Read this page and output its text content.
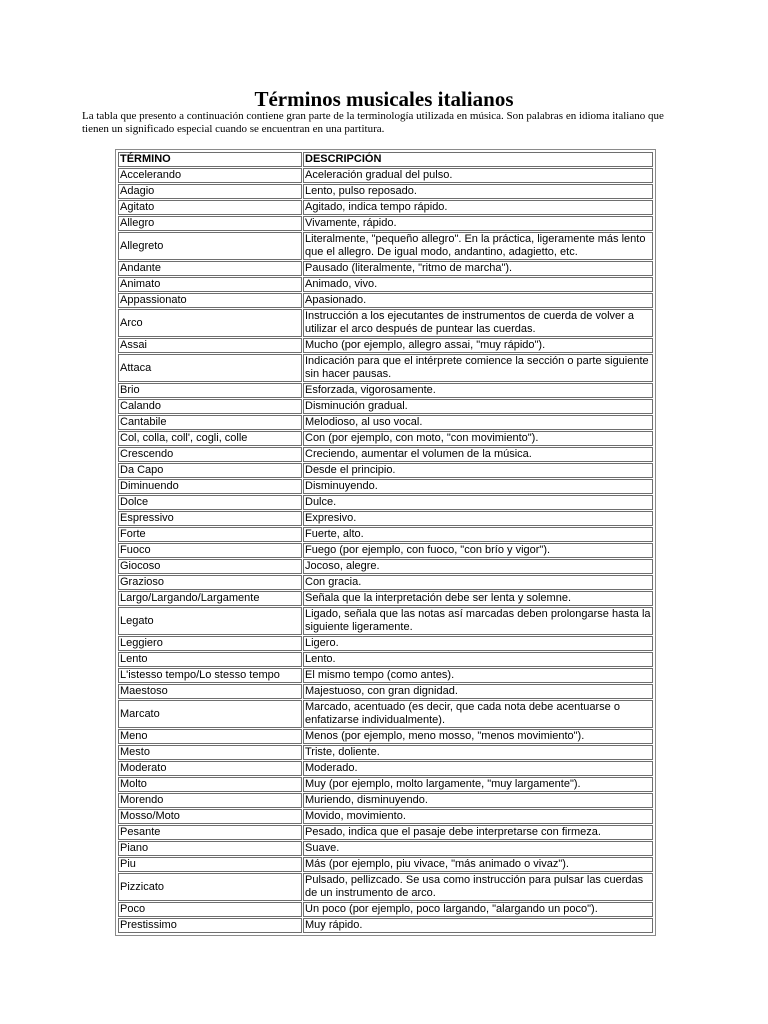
Términos musicales italianos
La tabla que presento a continuación contiene gran parte de la terminología utilizada en música. Son palabras en idioma italiano que tienen un significado especial cuando se encuentran en una partitura.
TÉRMINO	DESCRIPCIÓN
Accelerando	Aceleración gradual del pulso.
Adagio	Lento, pulso reposado.
Agitato	Agitado, indica tempo rápido.
Allegro	Vivamente, rápido.
Allegreto	Literalmente, "pequeño allegro". En la práctica, ligeramente más lento que el allegro. De igual modo, andantino, adagietto, etc.
Andante	Pausado (literalmente, "ritmo de marcha").
Animato	Animado, vivo.
Appassionato	Apasionado.
Arco	Instrucción a los ejecutantes de instrumentos de cuerda de volver a utilizar el arco después de puntear las cuerdas.
Assai	Mucho (por ejemplo, allegro assai, "muy rápido").
Attaca	Indicación para que el intérprete comience la sección o parte siguiente sin hacer pausas.
Brio	Esforzada, vigorosamente.
Calando	Disminución gradual.
Cantabile	Melodioso, al uso vocal.
Col, colla, coll', cogli, colle	Con (por ejemplo, con moto, "con movimiento").
Crescendo	Creciendo, aumentar el volumen de la música.
Da Capo	Desde el principio.
Diminuendo	Disminuyendo.
Dolce	Dulce.
Espressivo	Expresivo.
Forte	Fuerte, alto.
Fuoco	Fuego (por ejemplo, con fuoco, "con brío y vigor").
Giocoso	Jocoso, alegre.
Grazioso	Con gracia.
Largo/Largando/Largamente	Señala que la interpretación debe ser lenta y solemne.
Legato	Ligado, señala que las notas así marcadas deben prolongarse hasta la siguiente ligeramente.
Leggiero	Ligero.
Lento	Lento.
L'istesso tempo/Lo stesso tempo	El mismo tempo (como antes).
Maestoso	Majestuoso, con gran dignidad.
Marcato	Marcado, acentuado (es decir, que cada nota debe acentuarse o enfatizarse individualmente).
Meno	Menos (por ejemplo, meno mosso, "menos movimiento").
Mesto	Triste, doliente.
Moderato	Moderado.
Molto	Muy (por ejemplo, molto largamente, "muy largamente").
Morendo	Muriendo, disminuyendo.
Mosso/Moto	Movido, movimiento.
Pesante	Pesado, indica que el pasaje debe interpretarse con firmeza.
Piano	Suave.
Piu	Más (por ejemplo, piu vivace, "más animado o vivaz").
Pizzicato	Pulsado, pellizcado. Se usa como instrucción para pulsar las cuerdas de un instrumento de arco.
Poco	Un poco (por ejemplo, poco largando, "alargando un poco").
Prestissimo	Muy rápido.
